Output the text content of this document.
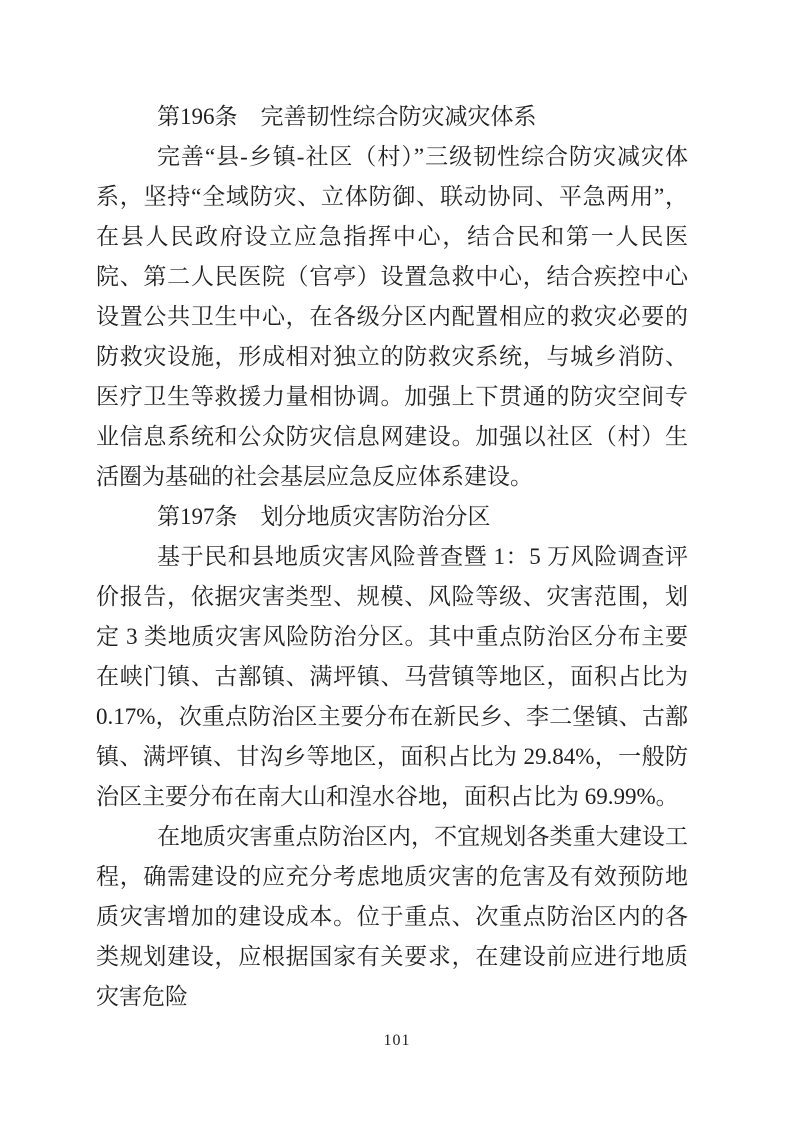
第196条　完善韧性综合防灾减灾体系

完善“县-乡镇-社区（村）”三级韧性综合防灾减灾体系，坚持“全域防灾、立体防御、联动协同、平急两用”，在县人民政府设立应急指挥中心，结合民和第一人民医院、第二人民医院（官亭）设置急救中心，结合疾控中心设置公共卫生中心，在各级分区内配置相应的救灾必要的防救灾设施，形成相对独立的防救灾系统，与城乡消防、医疗卫生等救援力量相协调。加强上下贯通的防灾空间专业信息系统和公众防灾信息网建设。加强以社区（村）生活圈为基础的社会基层应急反应体系建设。

第197条　划分地质灾害防治分区

基于民和县地质灾害风险普查暨 1：5 万风险调查评价报告，依据灾害类型、规模、风险等级、灾害范围，划定 3 类地质灾害风险防治分区。其中重点防治区分布主要在峡门镇、古鄯镇、满坪镇、马营镇等地区，面积占比为 0.17%，次重点防治区主要分布在新民乡、李二堡镇、古鄯镇、满坪镇、甘沟乡等地区，面积占比为 29.84%，一般防治区主要分布在南大山和湟水谷地，面积占比为 69.99%。

在地质灾害重点防治区内，不宜规划各类重大建设工程，确需建设的应充分考虑地质灾害的危害及有效预防地质灾害增加的建设成本。位于重点、次重点防治区内的各类规划建设，应根据国家有关要求，在建设前应进行地质灾害危险

101
